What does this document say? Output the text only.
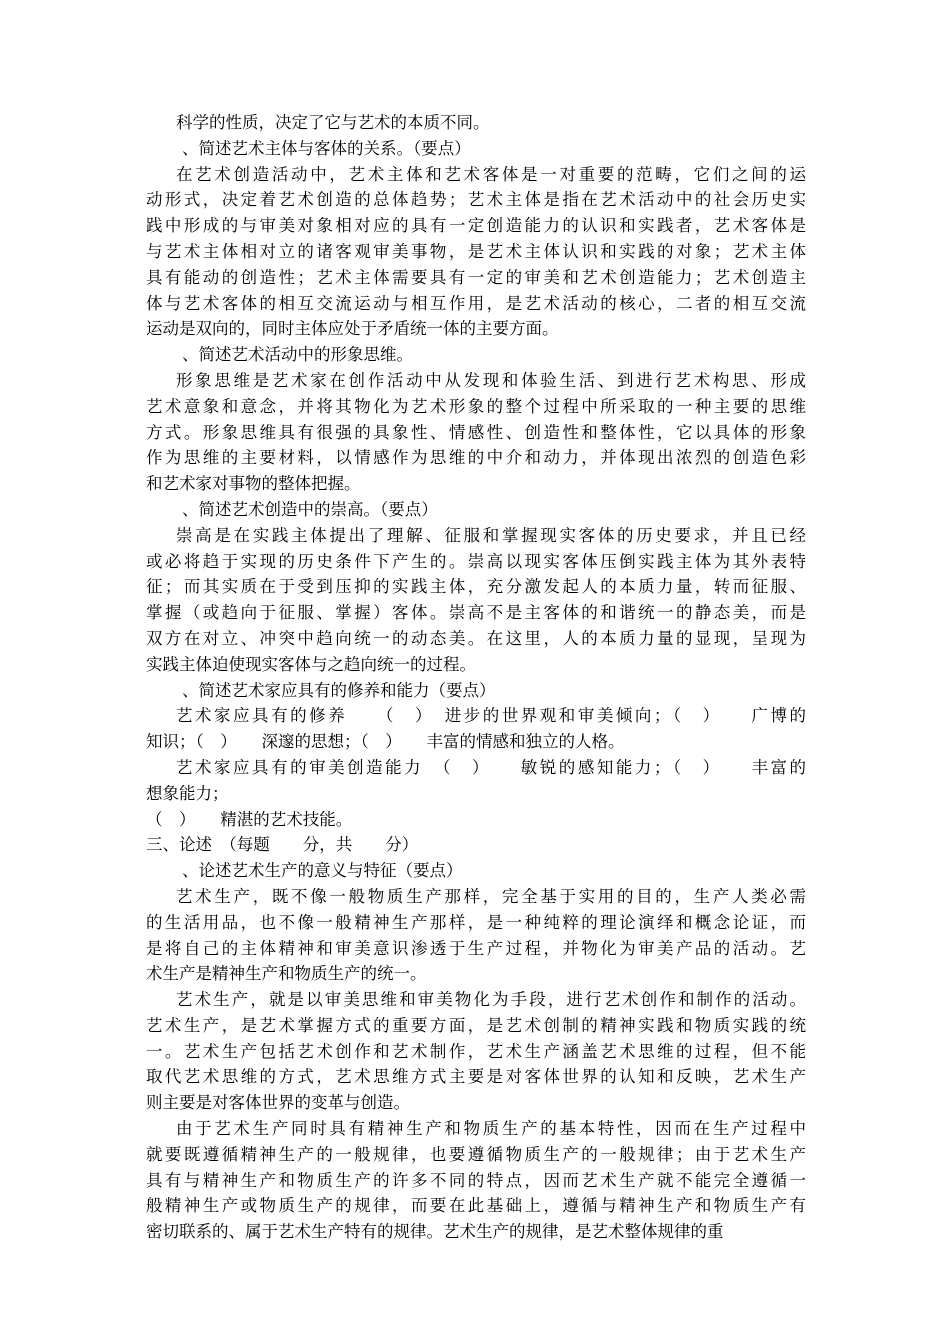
科学的性质，决定了它与艺术的本质不同。
、简述艺术主体与客体的关系。（要点）
在艺术创造活动中，艺术主体和艺术客体是一对重要的范畴，它们之间的运
动形式，决定着艺术创造的总体趋势；艺术主体是指在艺术活动中的社会历史实
践中形成的与审美对象相对应的具有一定创造能力的认识和实践者，艺术客体是
与艺术主体相对立的诸客观审美事物，是艺术主体认识和实践的对象；艺术主体
具有能动的创造性；艺术主体需要具有一定的审美和艺术创造能力；艺术创造主
体与艺术客体的相互交流运动与相互作用，是艺术活动的核心，二者的相互交流
运动是双向的，同时主体应处于矛盾统一体的主要方面。
、简述艺术活动中的形象思维。
形象思维是艺术家在创作活动中从发现和体验生活、到进行艺术构思、形成
艺术意象和意念，并将其物化为艺术形象的整个过程中所采取的一种主要的思维
方式。形象思维具有很强的具象性、情感性、创造性和整体性，它以具体的形象
作为思维的主要材料，以情感作为思维的中介和动力，并体现出浓烈的创造色彩
和艺术家对事物的整体把握。
、简述艺术创造中的崇高。（要点）
崇高是在实践主体提出了理解、征服和掌握现实客体的历史要求，并且已经
或必将趋于实现的历史条件下产生的。崇高以现实客体压倒实践主体为其外表特
征；而其实质在于受到压抑的实践主体，充分激发起人的本质力量，转而征服、
掌握（或趋向于征服、掌握）客体。崇高不是主客体的和谐统一的静态美，而是
双方在对立、冲突中趋向统一的动态美。在这里，人的本质力量的显现，呈现为
实践主体迫使现实客体与之趋向统一的过程。
、简述艺术家应具有的修养和能力（要点）
艺术家应具有的修养　　（　）　进步的世界观和审美倾向；（　）　　广博的
知识；（　）　　深邃的思想；（　）　　丰富的情感和独立的人格。
艺术家应具有的审美创造能力　（　）　　敏锐的感知能力；（　）　　丰富的
想象能力；
（　）　　精湛的艺术技能。
三、论述　（每题　　分，共　　分）
、论述艺术生产的意义与特征（要点）
艺术生产，既不像一般物质生产那样，完全基于实用的目的，生产人类必需
的生活用品，也不像一般精神生产那样，是一种纯粹的理论演绎和概念论证，而
是将自己的主体精神和审美意识渗透于生产过程，并物化为审美产品的活动。艺
术生产是精神生产和物质生产的统一。
艺术生产，就是以审美思维和审美物化为手段，进行艺术创作和制作的活动。
艺术生产，是艺术掌握方式的重要方面，是艺术创制的精神实践和物质实践的统
一。艺术生产包括艺术创作和艺术制作，艺术生产涵盖艺术思维的过程，但不能
取代艺术思维的方式，艺术思维方式主要是对客体世界的认知和反映，艺术生产
则主要是对客体世界的变革与创造。
由于艺术生产同时具有精神生产和物质生产的基本特性，因而在生产过程中
就要既遵循精神生产的一般规律，也要遵循物质生产的一般规律；由于艺术生产
具有与精神生产和物质生产的许多不同的特点，因而艺术生产就不能完全遵循一
般精神生产或物质生产的规律，而要在此基础上，遵循与精神生产和物质生产有
密切联系的、属于艺术生产特有的规律。艺术生产的规律，是艺术整体规律的重
